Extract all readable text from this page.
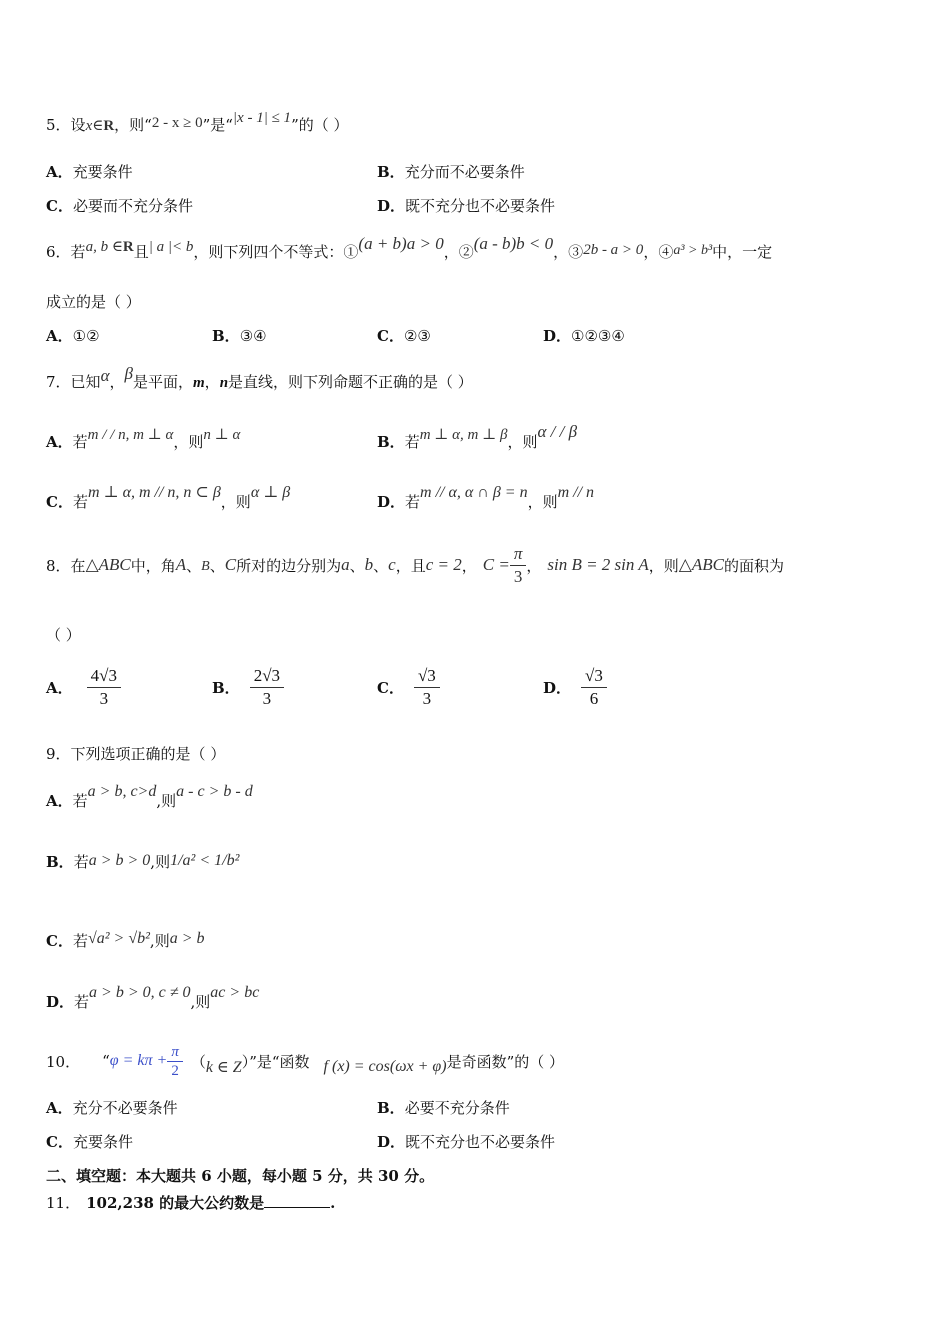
5．设x∈R，则“2 - x ≥ 0”是“|x - 1| ≤ 1”的（ ）
A．充要条件	B．充分而不必要条件
C．必要而不充分条件	D．既不充分也不必要条件
6．若a, b ∈R且| a |< b，则下列四个不等式：①(a + b)a > 0，②(a - b)b < 0，③2b - a > 0，④a³ > b³中，一定
成立的是（ ）
A．①②	B．③④	C．②③	D．①②③④
7．已知α，β是平面，m，n是直线，则下列命题不正确的是（ ）
A．若m / / n, m ⊥ α，则n ⊥ α	B．若m ⊥ α, m ⊥ β，则α / / β
C．若m ⊥ α, m // n, n ⊂ β，则α ⊥ β
D．若m // α, α ∩ β = n，则m // n
8． 在 △ABC 中，角 A 、 B 、 C 所对的边分别为 a 、 b 、 c ，且 c = 2 ， $C = \frac{\pi}{3}$ ， sin B = 2 sin A ，则 △ABC 的面积为
（ ）
A． $\frac{4√3}{3}$	B． $\frac{2√3}{3}$	C． $\frac{√3}{3}$	D． $\frac{√3}{6}$
9．下列选项正确的是（ ）
A．若a > b, c>d,则a - c > b - d
B． 若 a > b > 0 ,则 1/a² < 1/b²
C．若√a² > √b²,则a > b
D．若a > b > 0, c ≠ 0,则ac > bc
10． “ $\varphi = k\pi + \frac{\pi}{2}$ （ k ∈ Z ）”是“函数 f (x) = cos(ωx + φ) 是奇函数”的（ ）
A．充分不必要条件	B．必要不充分条件
C．充要条件	D．既不充分也不必要条件
二、填空题：本大题共 6 小题，每小题 5 分，共 30 分。
11． 102,238 的最大公约数是	.
